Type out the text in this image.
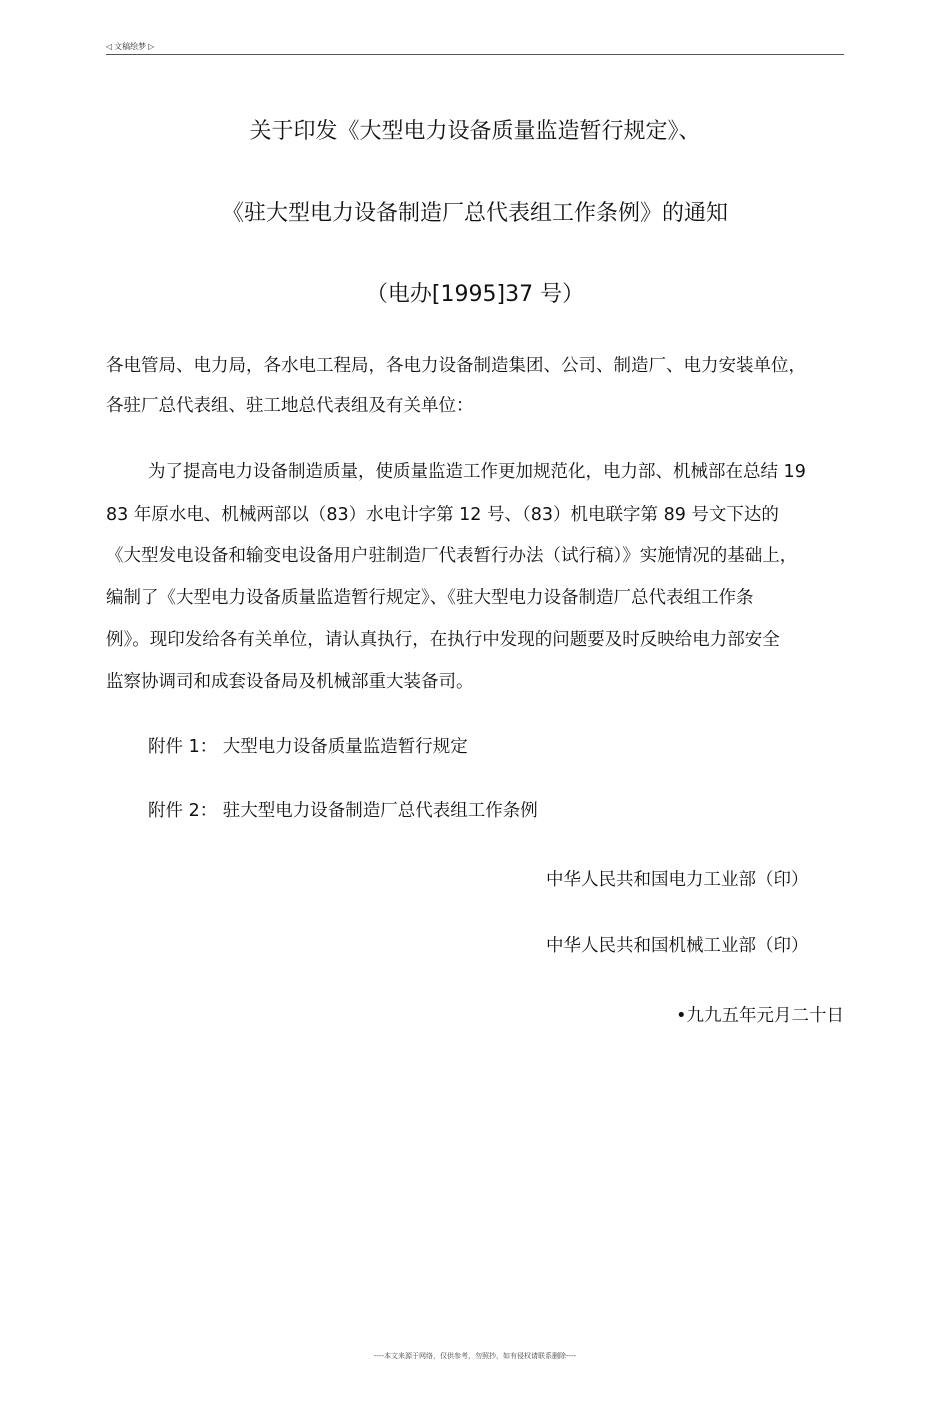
◁ 文稿绘梦 ▷
关于印发《大型电力设备质量监造暂行规定》、
《驻大型电力设备制造厂总代表组工作条例》的通知
（电办[1995]37 号）
各电管局、电力局，各水电工程局，各电力设备制造集团、公司、制造厂、电力安装单位，
各驻厂总代表组、驻工地总代表组及有关单位：
为了提高电力设备制造质量，使质量监造工作更加规范化，电力部、机械部在总结 19
83 年原水电、机械两部以（83）水电计字第 12 号、（83）机电联字第 89 号文下达的
《大型发电设备和输变电设备用户驻制造厂代表暂行办法（试行稿）》实施情况的基础上，
编制了《大型电力设备质量监造暂行规定》、《驻大型电力设备制造厂总代表组工作条
例》。现印发给各有关单位，请认真执行，在执行中发现的问题要及时反映给电力部安全
监察协调司和成套设备局及机械部重大装备司。
附件 1： 大型电力设备质量监造暂行规定
附件 2： 驻大型电力设备制造厂总代表组工作条例
中华人民共和国电力工业部（印）
中华人民共和国机械工业部（印）
•九九五年元月二十日
----本文来源于网络，仅供参考，勿照抄，如有侵权请联系删除----
